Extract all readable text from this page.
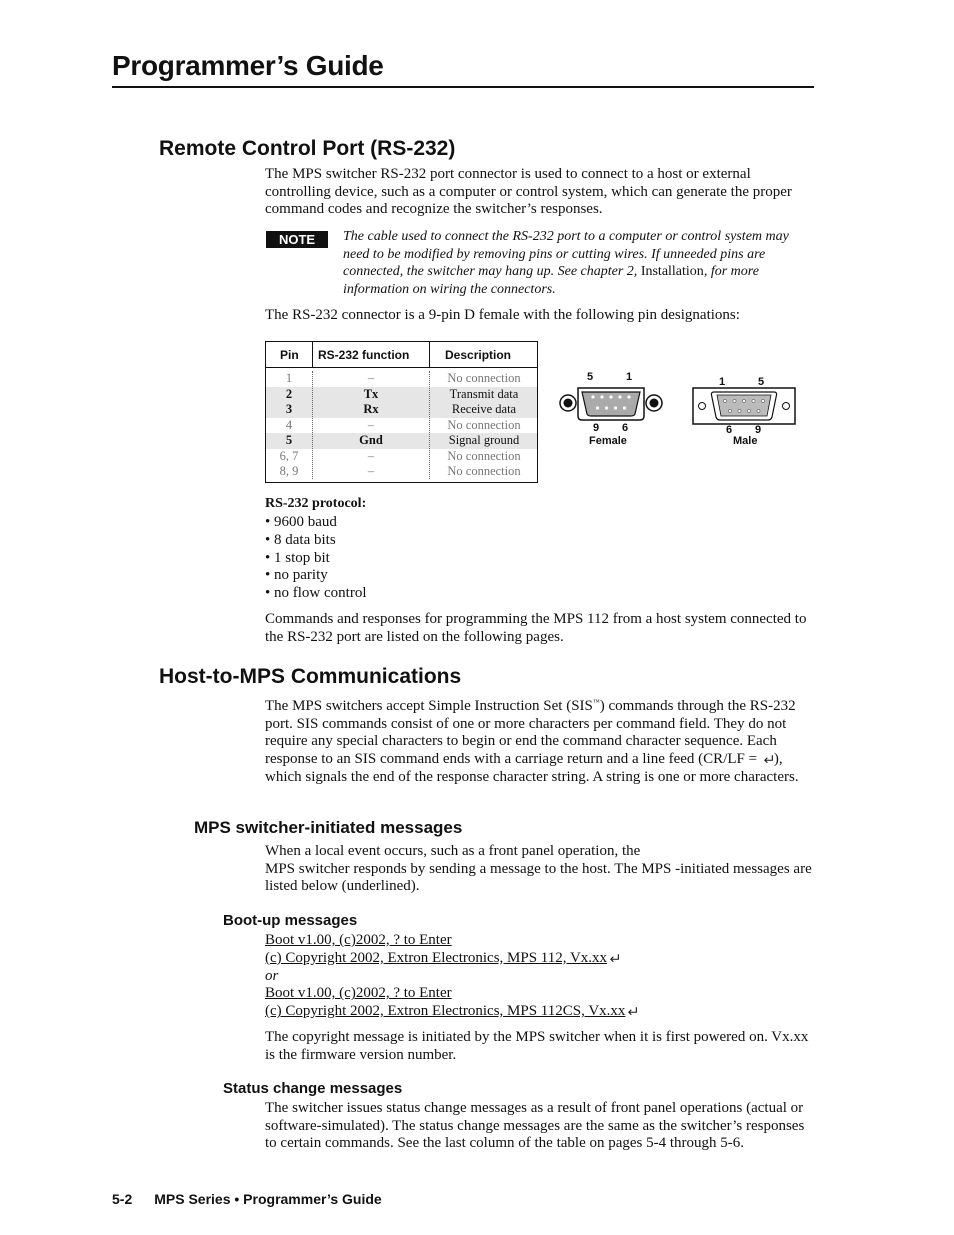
Programmer’s Guide
Remote Control Port (RS-232)

The MPS switcher RS-232 port connector is used to connect to a host or external controlling device, such as a computer or control system, which can generate the proper command codes and recognize the switcher’s responses.

NOTE	The cable used to connect the RS-232 port to a computer or control system may need to be modified by removing pins or cutting wires. If unneeded pins are connected, the switcher may hang up. See chapter 2, Installation, for more information on wiring the connectors.

The RS-232 connector is a 9-pin D female with the following pin designations:

Pin RS-232 function	Description
1	–	No connection
2	Tx	Transmit data
3	Rx	Receive data
4	–	No connection
5	Gnd	Signal ground
6, 7	–	No connection
8, 9	–	No connection
5	1
9 6
Female
1	5
6 9
Male
RS-232 protocol:
• 9600 baud
• 8 data bits
• 1 stop bit
• no parity
• no flow control

Commands and responses for programming the MPS 112 from a host system connected to the RS-232 port are listed on the following pages.

Host-to-MPS Communications

The MPS switchers accept Simple Instruction Set (SIS™) commands through the RS-232 port. SIS commands consist of one or more characters per command field. They do not require any special characters to begin or end the command character sequence. Each response to an SIS command ends with a carriage return and a line feed (CR/LF = ), which signals the end of the response character string. A string is one or more characters.

MPS switcher-initiated messages

When a local event occurs, such as a front panel operation, the
MPS switcher responds by sending a message to the host. The MPS -initiated messages are listed below (underlined).

Boot-up messages
Boot v1.00, (c)2002, ? to Enter
(c) Copyright 2002, Extron Electronics, MPS 112, Vx.xx
or
Boot v1.00, (c)2002, ? to Enter
(c) Copyright 2002, Extron Electronics, MPS 112CS, Vx.xx

The copyright message is initiated by the MPS switcher when it is first powered on. Vx.xx is the firmware version number.

Status change messages

The switcher issues status change messages as a result of front panel operations (actual or software-simulated). The status change messages are the same as the switcher’s responses to certain commands. See the last column of the table on pages 5-4 through 5-6.

5-2 MPS Series • Programmer’s Guide
